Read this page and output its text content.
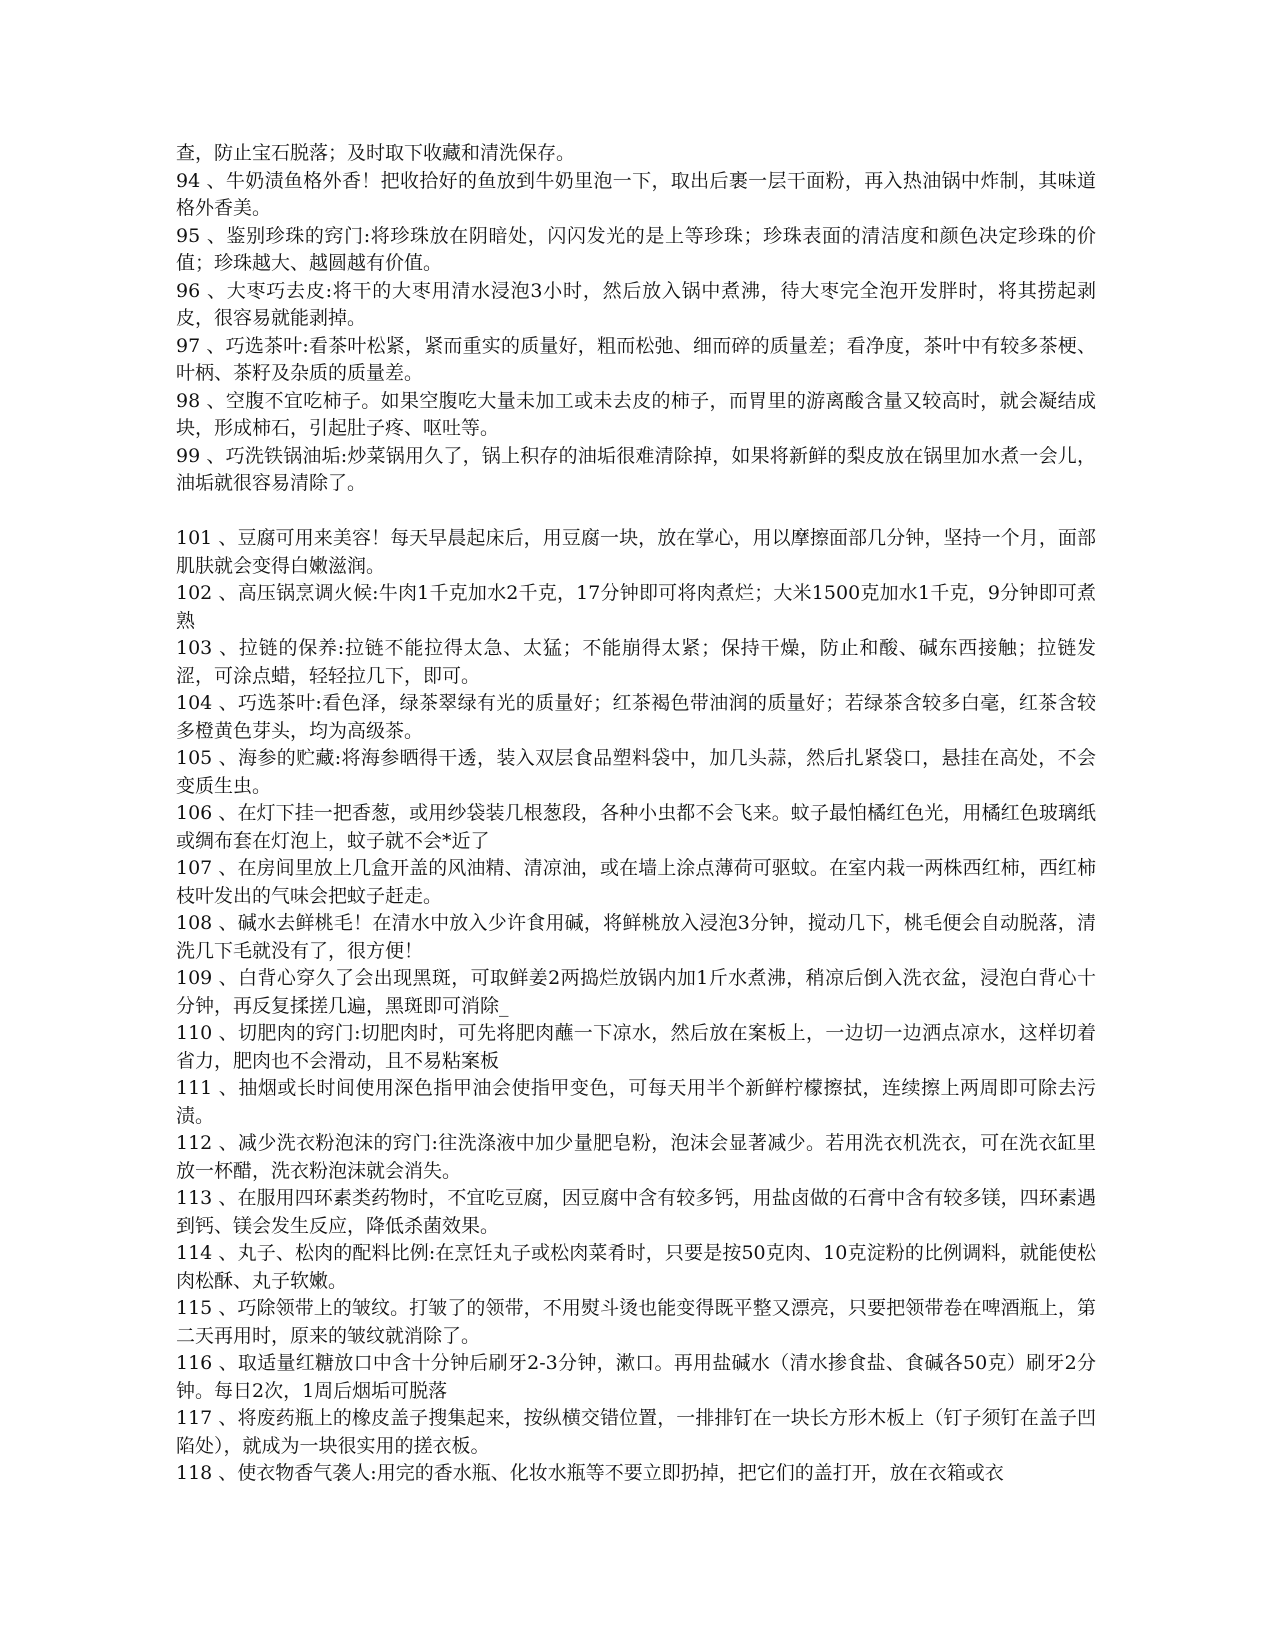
查，防止宝石脱落；及时取下收藏和清洗保存。

94 、牛奶渍鱼格外香！把收拾好的鱼放到牛奶里泡一下，取出后裹一层干面粉，再入热油锅中炸制，其味道格外香美。

95 、鉴别珍珠的窍门:将珍珠放在阴暗处，闪闪发光的是上等珍珠；珍珠表面的清洁度和颜色决定珍珠的价值；珍珠越大、越圆越有价值。

96 、大枣巧去皮:将干的大枣用清水浸泡3小时，然后放入锅中煮沸，待大枣完全泡开发胖时，将其捞起剥皮，很容易就能剥掉。

97 、巧选茶叶:看茶叶松紧，紧而重实的质量好，粗而松弛、细而碎的质量差；看净度，茶叶中有较多茶梗、叶柄、茶籽及杂质的质量差。

98 、空腹不宜吃柿子。如果空腹吃大量未加工或未去皮的柿子，而胃里的游离酸含量又较高时，就会凝结成块，形成柿石，引起肚子疼、呕吐等。

99 、巧洗铁锅油垢:炒菜锅用久了，锅上积存的油垢很难清除掉，如果将新鲜的梨皮放在锅里加水煮一会儿，油垢就很容易清除了。

101 、豆腐可用来美容！每天早晨起床后，用豆腐一块，放在掌心，用以摩擦面部几分钟，坚持一个月，面部肌肤就会变得白嫩滋润。

102 、高压锅烹调火候:牛肉1千克加水2千克，17分钟即可将肉煮烂；大米1500克加水1千克，9分钟即可煮熟

103 、拉链的保养:拉链不能拉得太急、太猛；不能崩得太紧；保持干燥，防止和酸、碱东西接触；拉链发涩，可涂点蜡，轻轻拉几下，即可。

104 、巧选茶叶:看色泽，绿茶翠绿有光的质量好；红茶褐色带油润的质量好；若绿茶含较多白毫，红茶含较多橙黄色芽头，均为高级茶。

105 、海参的贮藏:将海参晒得干透，装入双层食品塑料袋中，加几头蒜，然后扎紧袋口，悬挂在高处，不会变质生虫。

106 、在灯下挂一把香葱，或用纱袋装几根葱段，各种小虫都不会飞来。蚊子最怕橘红色光，用橘红色玻璃纸或绸布套在灯泡上，蚊子就不会*近了

107 、在房间里放上几盒开盖的风油精、清凉油，或在墙上涂点薄荷可驱蚊。在室内栽一两株西红柿，西红柿枝叶发出的气味会把蚊子赶走。

108 、碱水去鲜桃毛！在清水中放入少许食用碱，将鲜桃放入浸泡3分钟，搅动几下，桃毛便会自动脱落，清洗几下毛就没有了，很方便！

109 、白背心穿久了会出现黑斑，可取鲜姜2两捣烂放锅内加1斤水煮沸，稍凉后倒入洗衣盆，浸泡白背心十分钟，再反复揉搓几遍，黑斑即可消除_

110 、切肥肉的窍门:切肥肉时，可先将肥肉蘸一下凉水，然后放在案板上，一边切一边洒点凉水，这样切着省力，肥肉也不会滑动，且不易粘案板

111 、抽烟或长时间使用深色指甲油会使指甲变色，可每天用半个新鲜柠檬擦拭，连续擦上两周即可除去污渍。

112 、减少洗衣粉泡沫的窍门:往洗涤液中加少量肥皂粉，泡沫会显著减少。若用洗衣机洗衣，可在洗衣缸里放一杯醋，洗衣粉泡沫就会消失。

113 、在服用四环素类药物时，不宜吃豆腐，因豆腐中含有较多钙，用盐卤做的石膏中含有较多镁，四环素遇到钙、镁会发生反应，降低杀菌效果。

114 、丸子、松肉的配料比例:在烹饪丸子或松肉菜肴时，只要是按50克肉、10克淀粉的比例调料，就能使松肉松酥、丸子软嫩。

115 、巧除领带上的皱纹。打皱了的领带，不用熨斗烫也能变得既平整又漂亮，只要把领带卷在啤酒瓶上，第二天再用时，原来的皱纹就消除了。

116 、取适量红糖放口中含十分钟后刷牙2-3分钟，漱口。再用盐碱水（清水掺食盐、食碱各50克）刷牙2分钟。每日2次，1周后烟垢可脱落

117 、将废药瓶上的橡皮盖子搜集起来，按纵横交错位置，一排排钉在一块长方形木板上（钉子须钉在盖子凹陷处），就成为一块很实用的搓衣板。

118 、使衣物香气袭人:用完的香水瓶、化妆水瓶等不要立即扔掉，把它们的盖打开，放在衣箱或衣
